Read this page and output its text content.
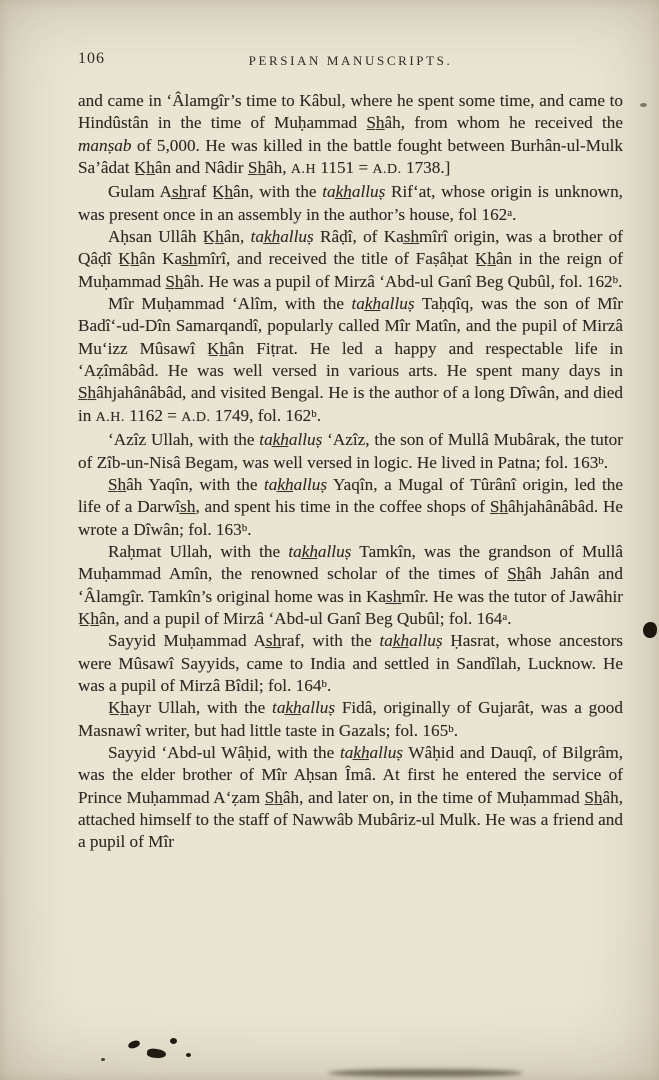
106	PERSIAN MANUSCRIPTS.

and came in ‘Âlamgîr’s time to Kâbul, where he spent some time, and came to Hindûstân in the time of Muḥammad S̲h̲âh, from whom he received the manṣab of 5,000. He was killed in the battle fought between Burhân-ul-Mulk Sa’âdat K̲h̲ân and Nâdir S̲h̲âh, A.H 1151 = A.D. 1738.]

Gulam As̲h̲raf K̲h̲ân, with the tak̲h̲alluṣ Rif‘at, whose origin is unknown, was present once in an assembly in the author’s house, fol 162$^a$.

Aḥsan Ullâh K̲h̲ân, tak̲h̲alluṣ Râḍî, of Kas̲h̲mîrî origin, was a brother of Qâḍî K̲h̲ân Kas̲h̲mîrî, and received the title of Faṣâḥat K̲h̲ân in the reign of Muḥammad S̲h̲âh. He was a pupil of Mirzâ ‘Abd-ul Ganî Beg Qubûl, fol. 162$^b$.

Mîr Muḥammad ‘Alîm, with the tak̲h̲alluṣ Taḥqîq, was the son of Mîr Badî‘-ud-Dîn Samarqandî, popularly called Mîr Matîn, and the pupil of Mirzâ Mu‘izz Mûsawî K̲h̲ân Fiṭrat. He led a happy and respectable life in ‘Aẓîmâbâd. He was well versed in various arts. He spent many days in S̲h̲âhjahânâbâd, and visited Bengal. He is the author of a long Dîwân, and died in A.H. 1162 = A.D. 1749, fol. 162$^b$.

‘Azîz Ullah, with the tak̲h̲alluṣ ‘Azîz, the son of Mullâ Mubârak, the tutor of Zîb-un-Nisâ Begam, was well versed in logic. He lived in Patna; fol. 163$^b$.

S̲h̲âh Yaqîn, with the tak̲h̲alluṣ Yaqîn, a Mugal of Tûrânî origin, led the life of a Darwîs̲h̲, and spent his time in the coffee shops of S̲h̲âhjahânâbâd. He wrote a Dîwân; fol. 163$^b$.

Raḥmat Ullah, with the tak̲h̲alluṣ Tamkîn, was the grandson of Mullâ Muḥammad Amîn, the renowned scholar of the times of S̲h̲âh Jahân and ‘Âlamgîr. Tamkîn’s original home was in Kas̲h̲mîr. He was the tutor of Jawâhir K̲h̲ân, and a pupil of Mirzâ ‘Abd-ul Ganî Beg Qubûl; fol. 164$^a$.

Sayyid Muḥammad As̲h̲raf, with the tak̲h̲alluṣ Ḥasrat, whose ancestors were Mûsawî Sayyids, came to India and settled in Sandîlah, Lucknow. He was a pupil of Mirzâ Bîdil; fol. 164$^b$.

K̲h̲ayr Ullah, with the tak̲h̲alluṣ Fidâ, originally of Gujarât, was a good Masnawî writer, but had little taste in Gazals; fol. 165$^b$.

Sayyid ‘Abd-ul Wâḥid, with the tak̲h̲alluṣ Wâḥid and Dauqî, of Bilgrâm, was the elder brother of Mîr Aḥsan Îmâ. At first he entered the service of Prince Muḥammad A‘ẓam S̲h̲âh, and later on, in the time of Muḥammad S̲h̲âh, attached himself to the staff of Nawwâb Mubâriz-ul Mulk. He was a friend and a pupil of Mîr
